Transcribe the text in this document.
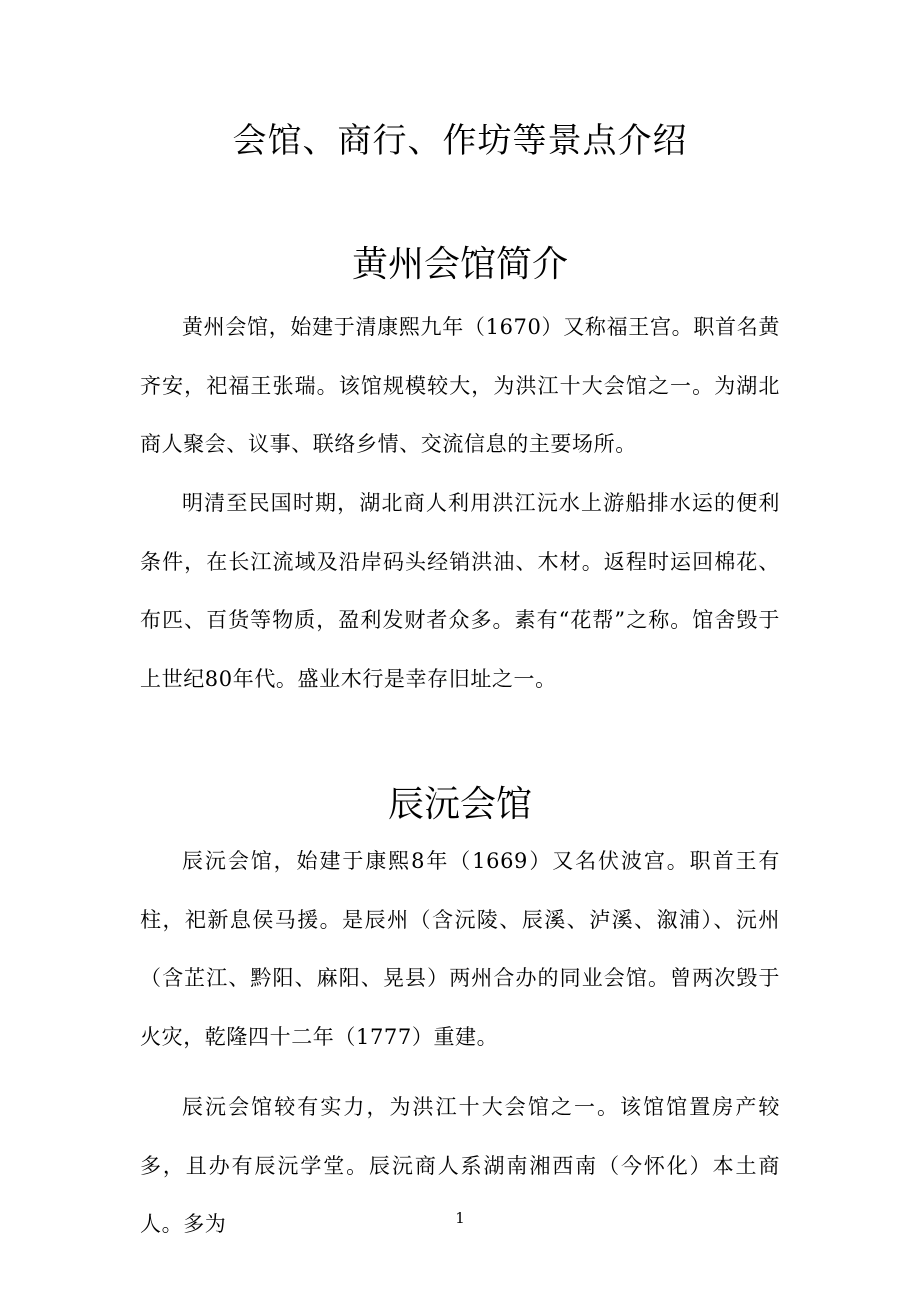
会馆、商行、作坊等景点介绍
黄州会馆简介

黄州会馆，始建于清康熙九年（1670）又称福王宫。职首名黄齐安，祀福王张瑞。该馆规模较大，为洪江十大会馆之一。为湖北商人聚会、议事、联络乡情、交流信息的主要场所。

明清至民国时期，湖北商人利用洪江沅水上游船排水运的便利条件，在长江流域及沿岸码头经销洪油、木材。返程时运回棉花、布匹、百货等物质，盈利发财者众多。素有“花帮”之称。馆舍毁于上世纪80年代。盛业木行是幸存旧址之一。

辰沅会馆

辰沅会馆，始建于康熙8年（1669）又名伏波宫。职首王有柱，祀新息侯马援。是辰州（含沅陵、辰溪、泸溪、溆浦）、沅州（含芷江、黔阳、麻阳、晃县）两州合办的同业会馆。曾两次毁于火灾，乾隆四十二年（1777）重建。

辰沅会馆较有实力，为洪江十大会馆之一。该馆馆置房产较多，且办有辰沅学堂。辰沅商人系湖南湘西南（今怀化）本土商人。多为	1
